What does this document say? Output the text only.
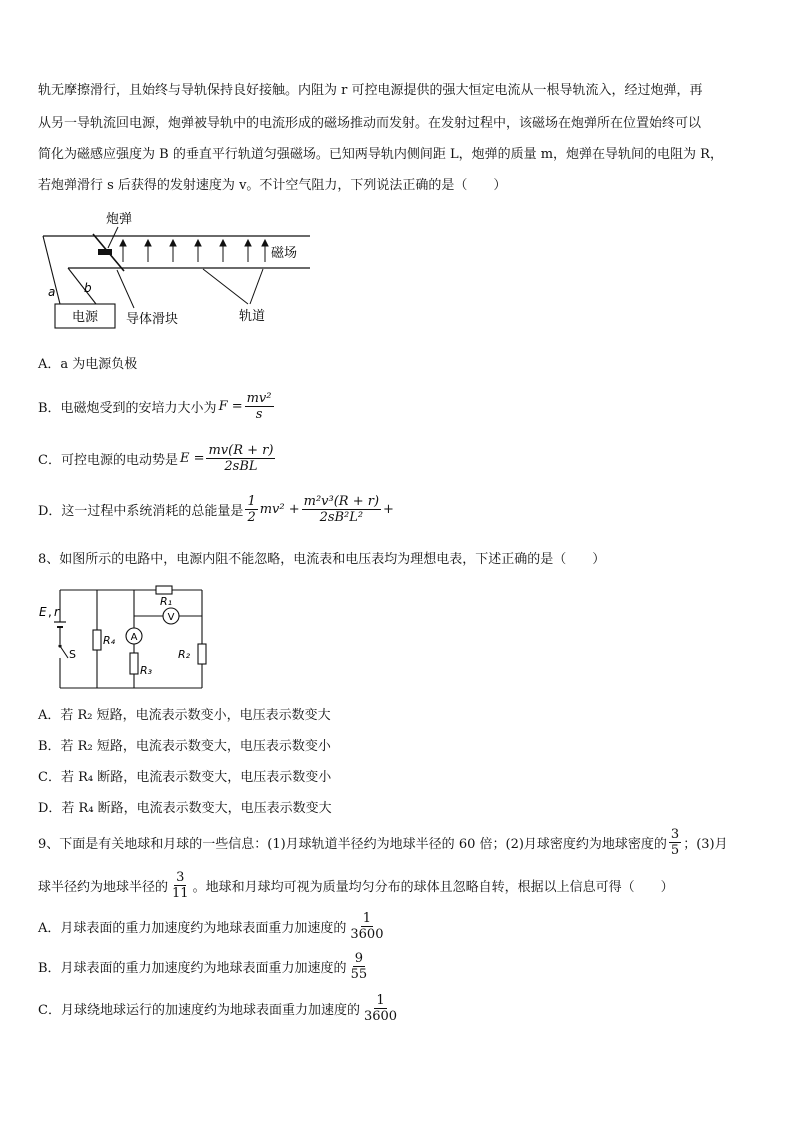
轨无摩擦滑行，且始终与导轨保持良好接触。内阻为 r 可控电源提供的强大恒定电流从一根导轨流入，经过炮弹，再
从另一导轨流回电源，炮弹被导轨中的电流形成的磁场推动而发射。在发射过程中，该磁场在炮弹所在位置始终可以
简化为磁感应强度为 B 的垂直平行轨道匀强磁场。已知两导轨内侧间距 L，炮弹的质量 m，炮弹在导轨间的电阻为 R，
若炮弹滑行 s 后获得的发射速度为 v。不计空气阻力，下列说法正确的是（　　）
电源
a b
炮弹
磁场
导体滑块	轨道
A．a 为电源负极
B．电磁炮受到的安培力大小为 $F = \frac{\text{mv²}}{s}$
C．可控电源的电动势是 $E = \frac{mv(R + r)}{\text{2sBL}}$
D．这一过程中系统消耗的总能量是 $\frac{1}{2} mv^2 + \frac{\text{m²v³(R + r)}}{\text{2sB²L²}}$ +
8、如图所示的电路中，电源内阻不能忽略，电流表和电压表均为理想电表，下述正确的是（　　）
E , r
S
R₁
R₄ A
R₃
V
R₂
A．若 R₂ 短路，电流表示数变小，电压表示数变大
B．若 R₂ 短路，电流表示数变大，电压表示数变小
C．若 R₄ 断路，电流表示数变大，电压表示数变小
D．若 R₄ 断路，电流表示数变大，电压表示数变大
9、下面是有关地球和月球的一些信息：(1)月球轨道半径约为地球半径的 60 倍；(2)月球密度约为地球密度的 $\frac{3}{5}$ ；(3)月
球半径约为地球半径的 $\frac{3}{11}$ 。地球和月球均可视为质量均匀分布的球体且忽略自转，根据以上信息可得（　　）
A．月球表面的重力加速度约为地球表面重力加速度的 $\frac{1}{3600}$
B．月球表面的重力加速度约为地球表面重力加速度的 $\frac{9}{55}$
C．月球绕地球运行的加速度约为地球表面重力加速度的 $\frac{1}{3600}$
